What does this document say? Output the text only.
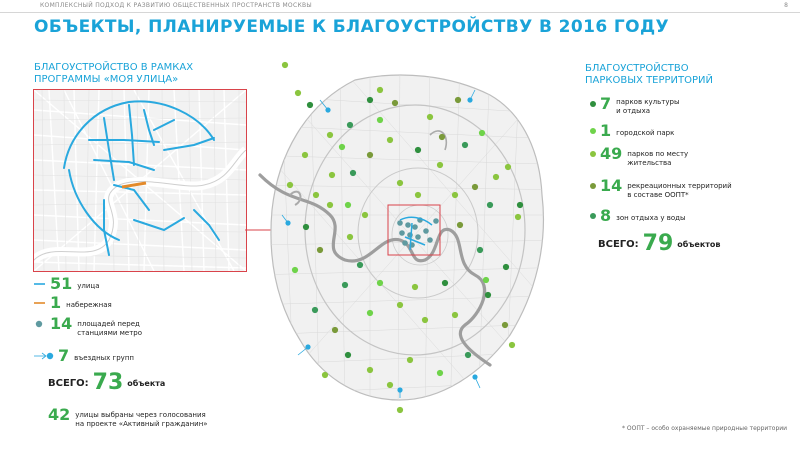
КОМПЛЕКСНЫЙ ПОДХОД К РАЗВИТИЮ ОБЩЕСТВЕННЫХ ПРОСТРАНСТВ МОСКВЫ	8
ОБЪЕКТЫ, ПЛАНИРУЕМЫЕ К БЛАГОУСТРОЙСТВУ В 2016 ГОДУ
БЛАГОУСТРОЙСТВО В РАМКАХ
ПРОГРАММЫ «МОЯ УЛИЦА»
БЛАГОУСТРОЙСТВО
ПАРКОВЫХ ТЕРРИТОРИЙ
51 улица
1 набережная
14 площадей перед
станциями метро
7 въездных групп
ВСЕГО: 73 объекта
42 улицы выбраны через голосования
на проекте «Активный гражданин»
7 парков культуры
и отдыха
1 городской парк
49 парков по месту
жительства
14 рекреационных территорий
в составе ООПТ*
8 зон отдыха у воды
ВСЕГО: 79 объектов
* ООПТ – особо охраняемые природные территории
